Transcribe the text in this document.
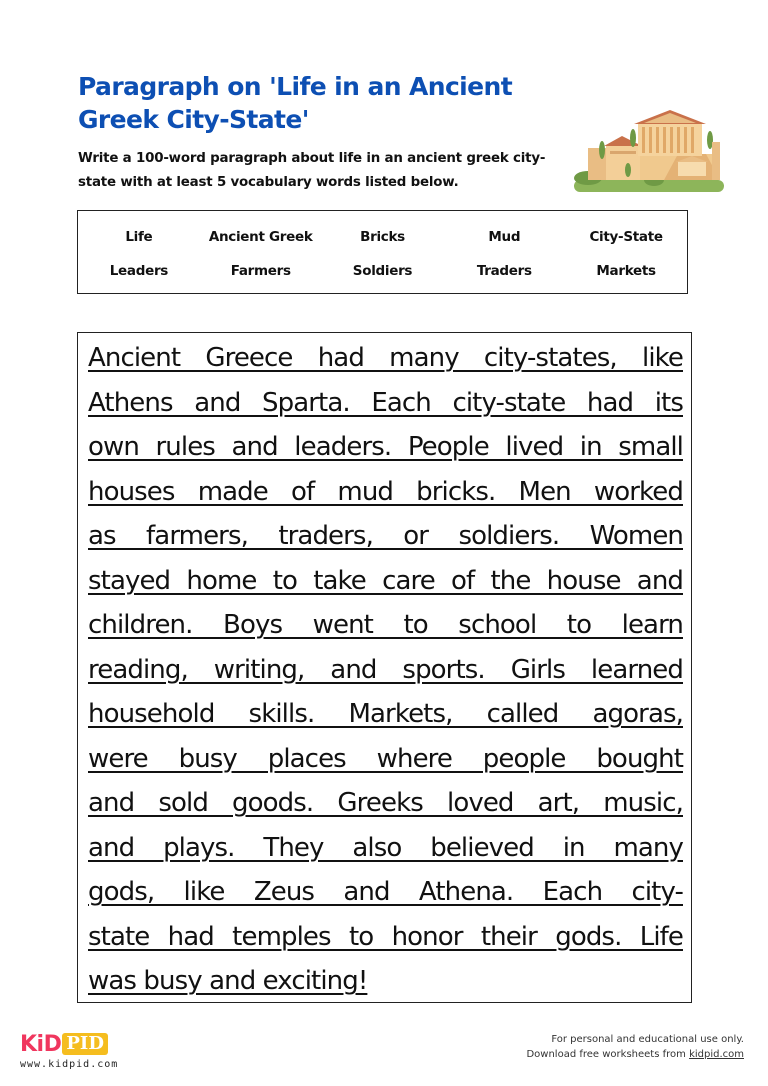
Paragraph on 'Life in an Ancient Greek City-State'
Write a 100-word paragraph about life in an ancient greek city-state with at least 5 vocabulary words listed below.
Life	Ancient Greek	Bricks	Mud	City-State
Leaders	Farmers	Soldiers	Traders	Markets
Ancient Greece had many city-states, like
Athens and Sparta. Each city-state had its
own rules and leaders. People lived in small
houses made of mud bricks. Men worked
as farmers, traders, or soldiers. Women
stayed home to take care of the house and
children. Boys went to school to learn
reading, writing, and sports. Girls learned
household skills. Markets, called agoras,
were busy places where people bought
and sold goods. Greeks loved art, music,
and plays. They also believed in many
gods, like Zeus and Athena. Each city-
state had temples to honor their gods. Life
was busy and exciting!
KiD PID
www.kidpid.com
For personal and educational use only.
Download free worksheets from kidpid.com
